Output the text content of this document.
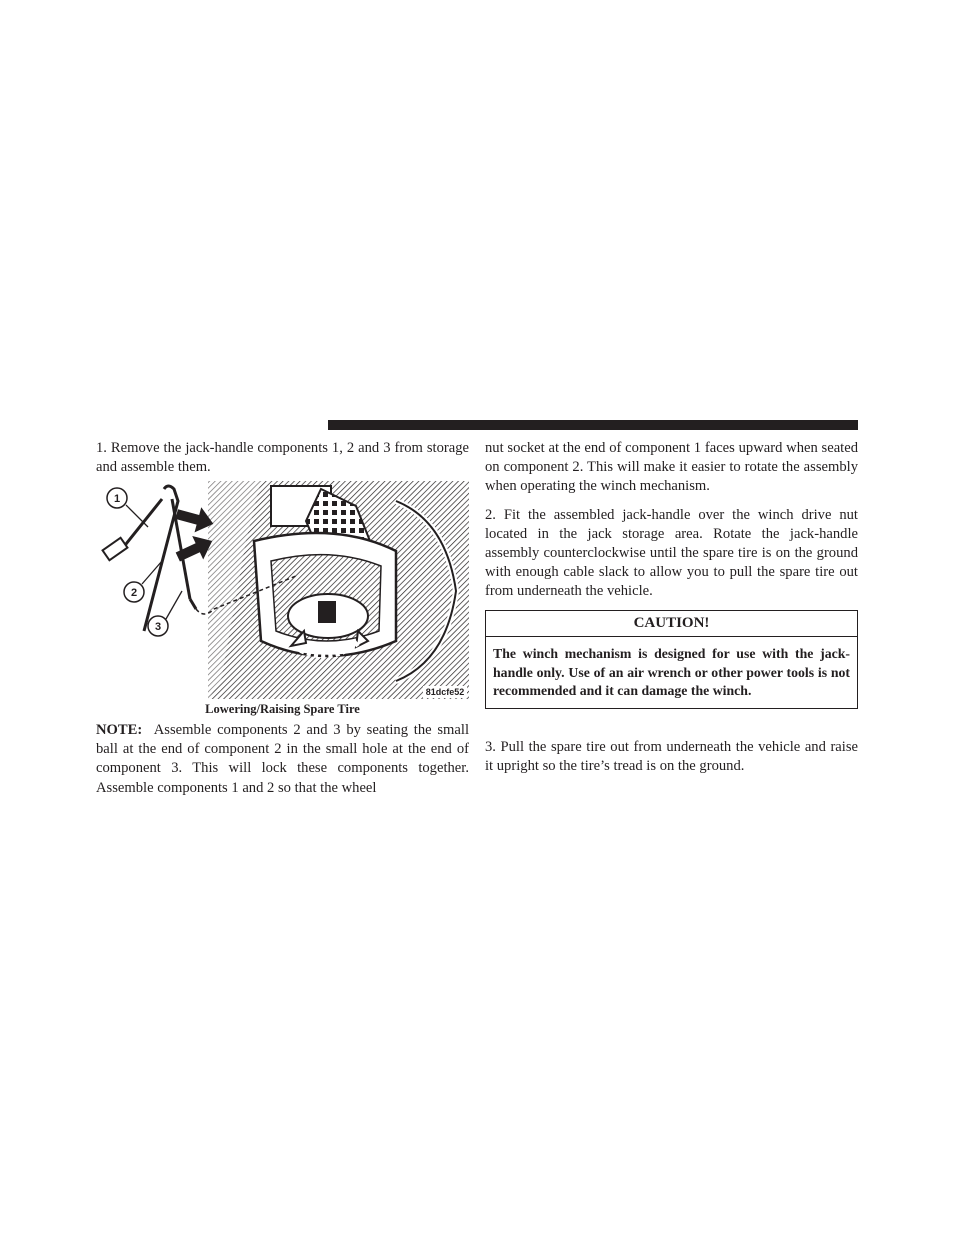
1. Remove the jack-handle components 1, 2 and 3 from storage and assemble them.

81dcfe52
1
2
3
Lowering/Raising Spare Tire
NOTE: Assemble components 2 and 3 by seating the small ball at the end of component 2 in the small hole at the end of component 3. This will lock these components together. Assemble components 1 and 2 so that the wheel

nut socket at the end of component 1 faces upward when seated on component 2. This will make it easier to rotate the assembly when operating the winch mechanism.

2. Fit the assembled jack-handle over the winch drive nut located in the jack storage area. Rotate the jack-handle assembly counterclockwise until the spare tire is on the ground with enough cable slack to allow you to pull the spare tire out from underneath the vehicle.

CAUTION!
The winch mechanism is designed for use with the jack-handle only. Use of an air wrench or other power tools is not recommended and it can damage the winch.

3. Pull the spare tire out from underneath the vehicle and raise it upright so the tire’s tread is on the ground.
